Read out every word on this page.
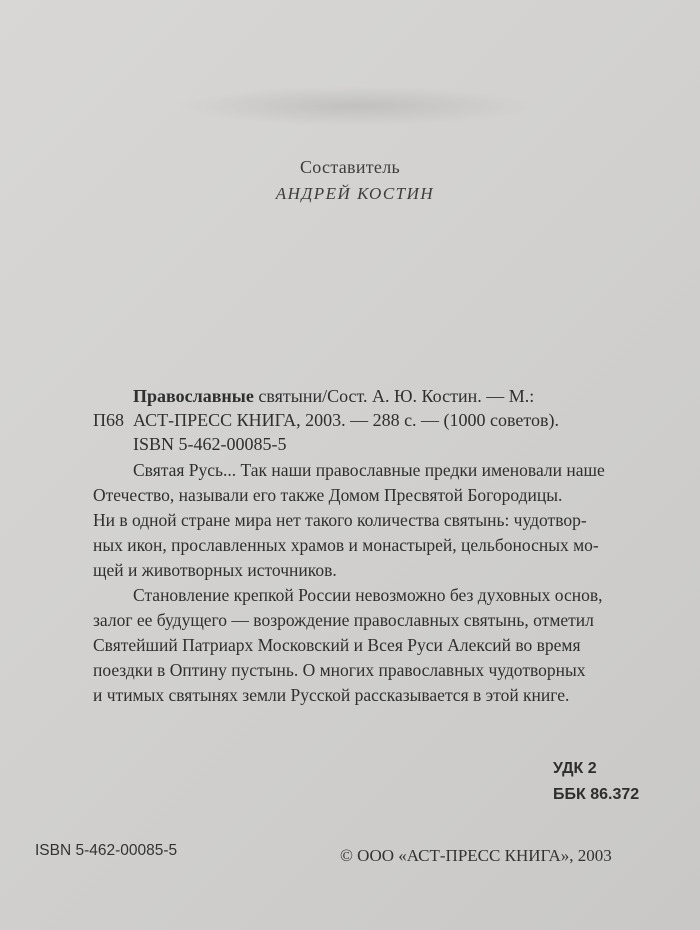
Составитель
АНДРЕЙ КОСТИН
Православные святыни/Сост. А. Ю. Костин. — М.:
П68 АСТ-ПРЕСС КНИГА, 2003. — 288 с. — (1000 советов).
ISBN 5-462-00085-5
Святая Русь... Так наши православные предки именовали наше
Отечество, называли его также Домом Пресвятой Богородицы.
Ни в одной стране мира нет такого количества святынь: чудотвор-
ных икон, прославленных храмов и монастырей, цельбоносных мо-
щей и животворных источников.
Становление крепкой России невозможно без духовных основ,
залог ее будущего — возрождение православных святынь, отметил
Святейший Патриарх Московский и Всея Руси Алексий во время
поездки в Оптину пустынь. О многих православных чудотворных
и чтимых святынях земли Русской рассказывается в этой книге.
УДК 2
ББК 86.372
ISBN 5-462-00085-5	© ООО «АСТ-ПРЕСС КНИГА», 2003
